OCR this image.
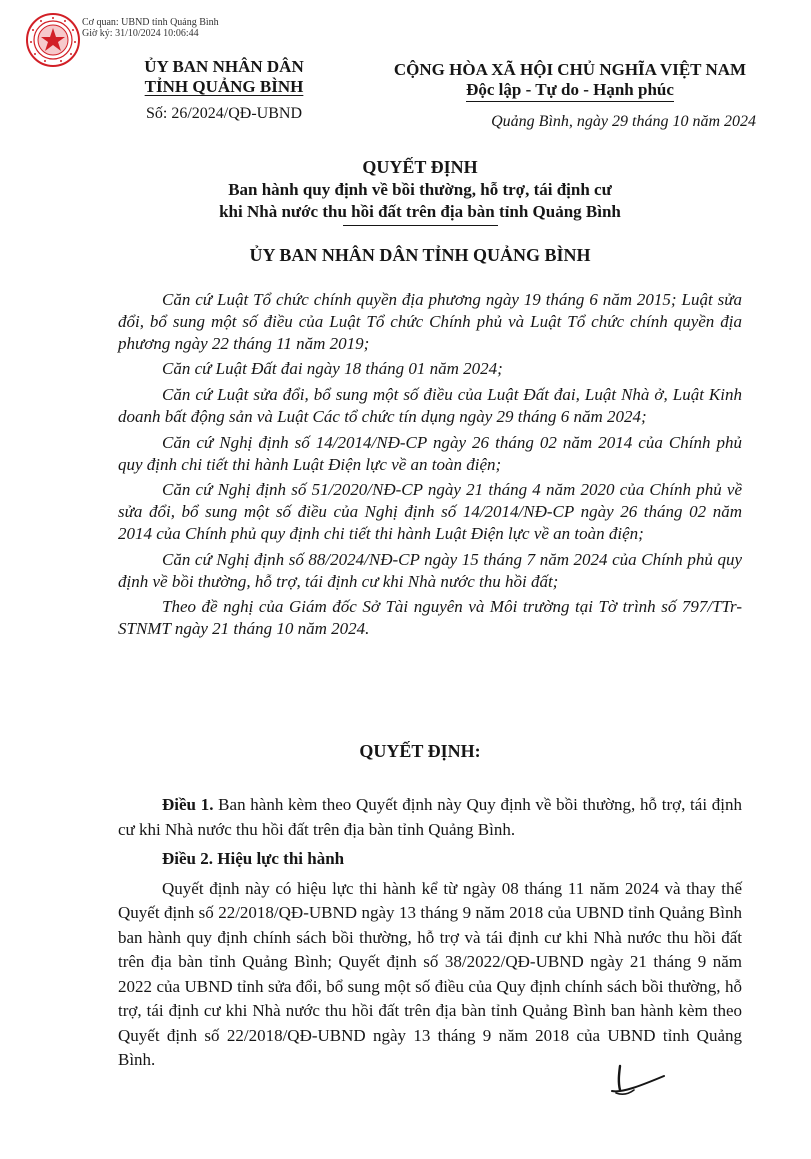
Cơ quan: UBND tỉnh Quảng Bình
Giờ ký: 31/10/2024 10:06:44
ỦY BAN NHÂN DÂN
TỈNH QUẢNG BÌNH
Số: 26/2024/QĐ-UBND
CỘNG HÒA XÃ HỘI CHỦ NGHĨA VIỆT NAM
Độc lập - Tự do - Hạnh phúc
Quảng Bình, ngày 29 tháng 10 năm 2024
QUYẾT ĐỊNH
Ban hành quy định về bồi thường, hỗ trợ, tái định cư
khi Nhà nước thu hồi đất trên địa bàn tỉnh Quảng Bình
ỦY BAN NHÂN DÂN TỈNH QUẢNG BÌNH

Căn cứ Luật Tổ chức chính quyền địa phương ngày 19 tháng 6 năm 2015; Luật sửa đổi, bổ sung một số điều của Luật Tổ chức Chính phủ và Luật Tổ chức chính quyền địa phương ngày 22 tháng 11 năm 2019;

Căn cứ Luật Đất đai ngày 18 tháng 01 năm 2024;

Căn cứ Luật sửa đổi, bổ sung một số điều của Luật Đất đai, Luật Nhà ở, Luật Kinh doanh bất động sản và Luật Các tổ chức tín dụng ngày 29 tháng 6 năm 2024;

Căn cứ Nghị định số 14/2014/NĐ-CP ngày 26 tháng 02 năm 2014 của Chính phủ quy định chi tiết thi hành Luật Điện lực về an toàn điện;

Căn cứ Nghị định số 51/2020/NĐ-CP ngày 21 tháng 4 năm 2020 của Chính phủ về sửa đổi, bổ sung một số điều của Nghị định số 14/2014/NĐ-CP ngày 26 tháng 02 năm 2014 của Chính phủ quy định chi tiết thi hành Luật Điện lực về an toàn điện;

Căn cứ Nghị định số 88/2024/NĐ-CP ngày 15 tháng 7 năm 2024 của Chính phủ quy định về bồi thường, hỗ trợ, tái định cư khi Nhà nước thu hồi đất;

Theo đề nghị của Giám đốc Sở Tài nguyên và Môi trường tại Tờ trình số 797/TTr-STNMT ngày 21 tháng 10 năm 2024.

QUYẾT ĐỊNH:

Điều 1. Ban hành kèm theo Quyết định này Quy định về bồi thường, hỗ trợ, tái định cư khi Nhà nước thu hồi đất trên địa bàn tỉnh Quảng Bình.

Điều 2. Hiệu lực thi hành

Quyết định này có hiệu lực thi hành kể từ ngày 08 tháng 11 năm 2024 và thay thế Quyết định số 22/2018/QĐ-UBND ngày 13 tháng 9 năm 2018 của UBND tỉnh Quảng Bình ban hành quy định chính sách bồi thường, hỗ trợ và tái định cư khi Nhà nước thu hồi đất trên địa bàn tỉnh Quảng Bình; Quyết định số 38/2022/QĐ-UBND ngày 21 tháng 9 năm 2022 của UBND tỉnh sửa đổi, bổ sung một số điều của Quy định chính sách bồi thường, hỗ trợ, tái định cư khi Nhà nước thu hồi đất trên địa bàn tỉnh Quảng Bình ban hành kèm theo Quyết định số 22/2018/QĐ-UBND ngày 13 tháng 9 năm 2018 của UBND tỉnh Quảng Bình.
